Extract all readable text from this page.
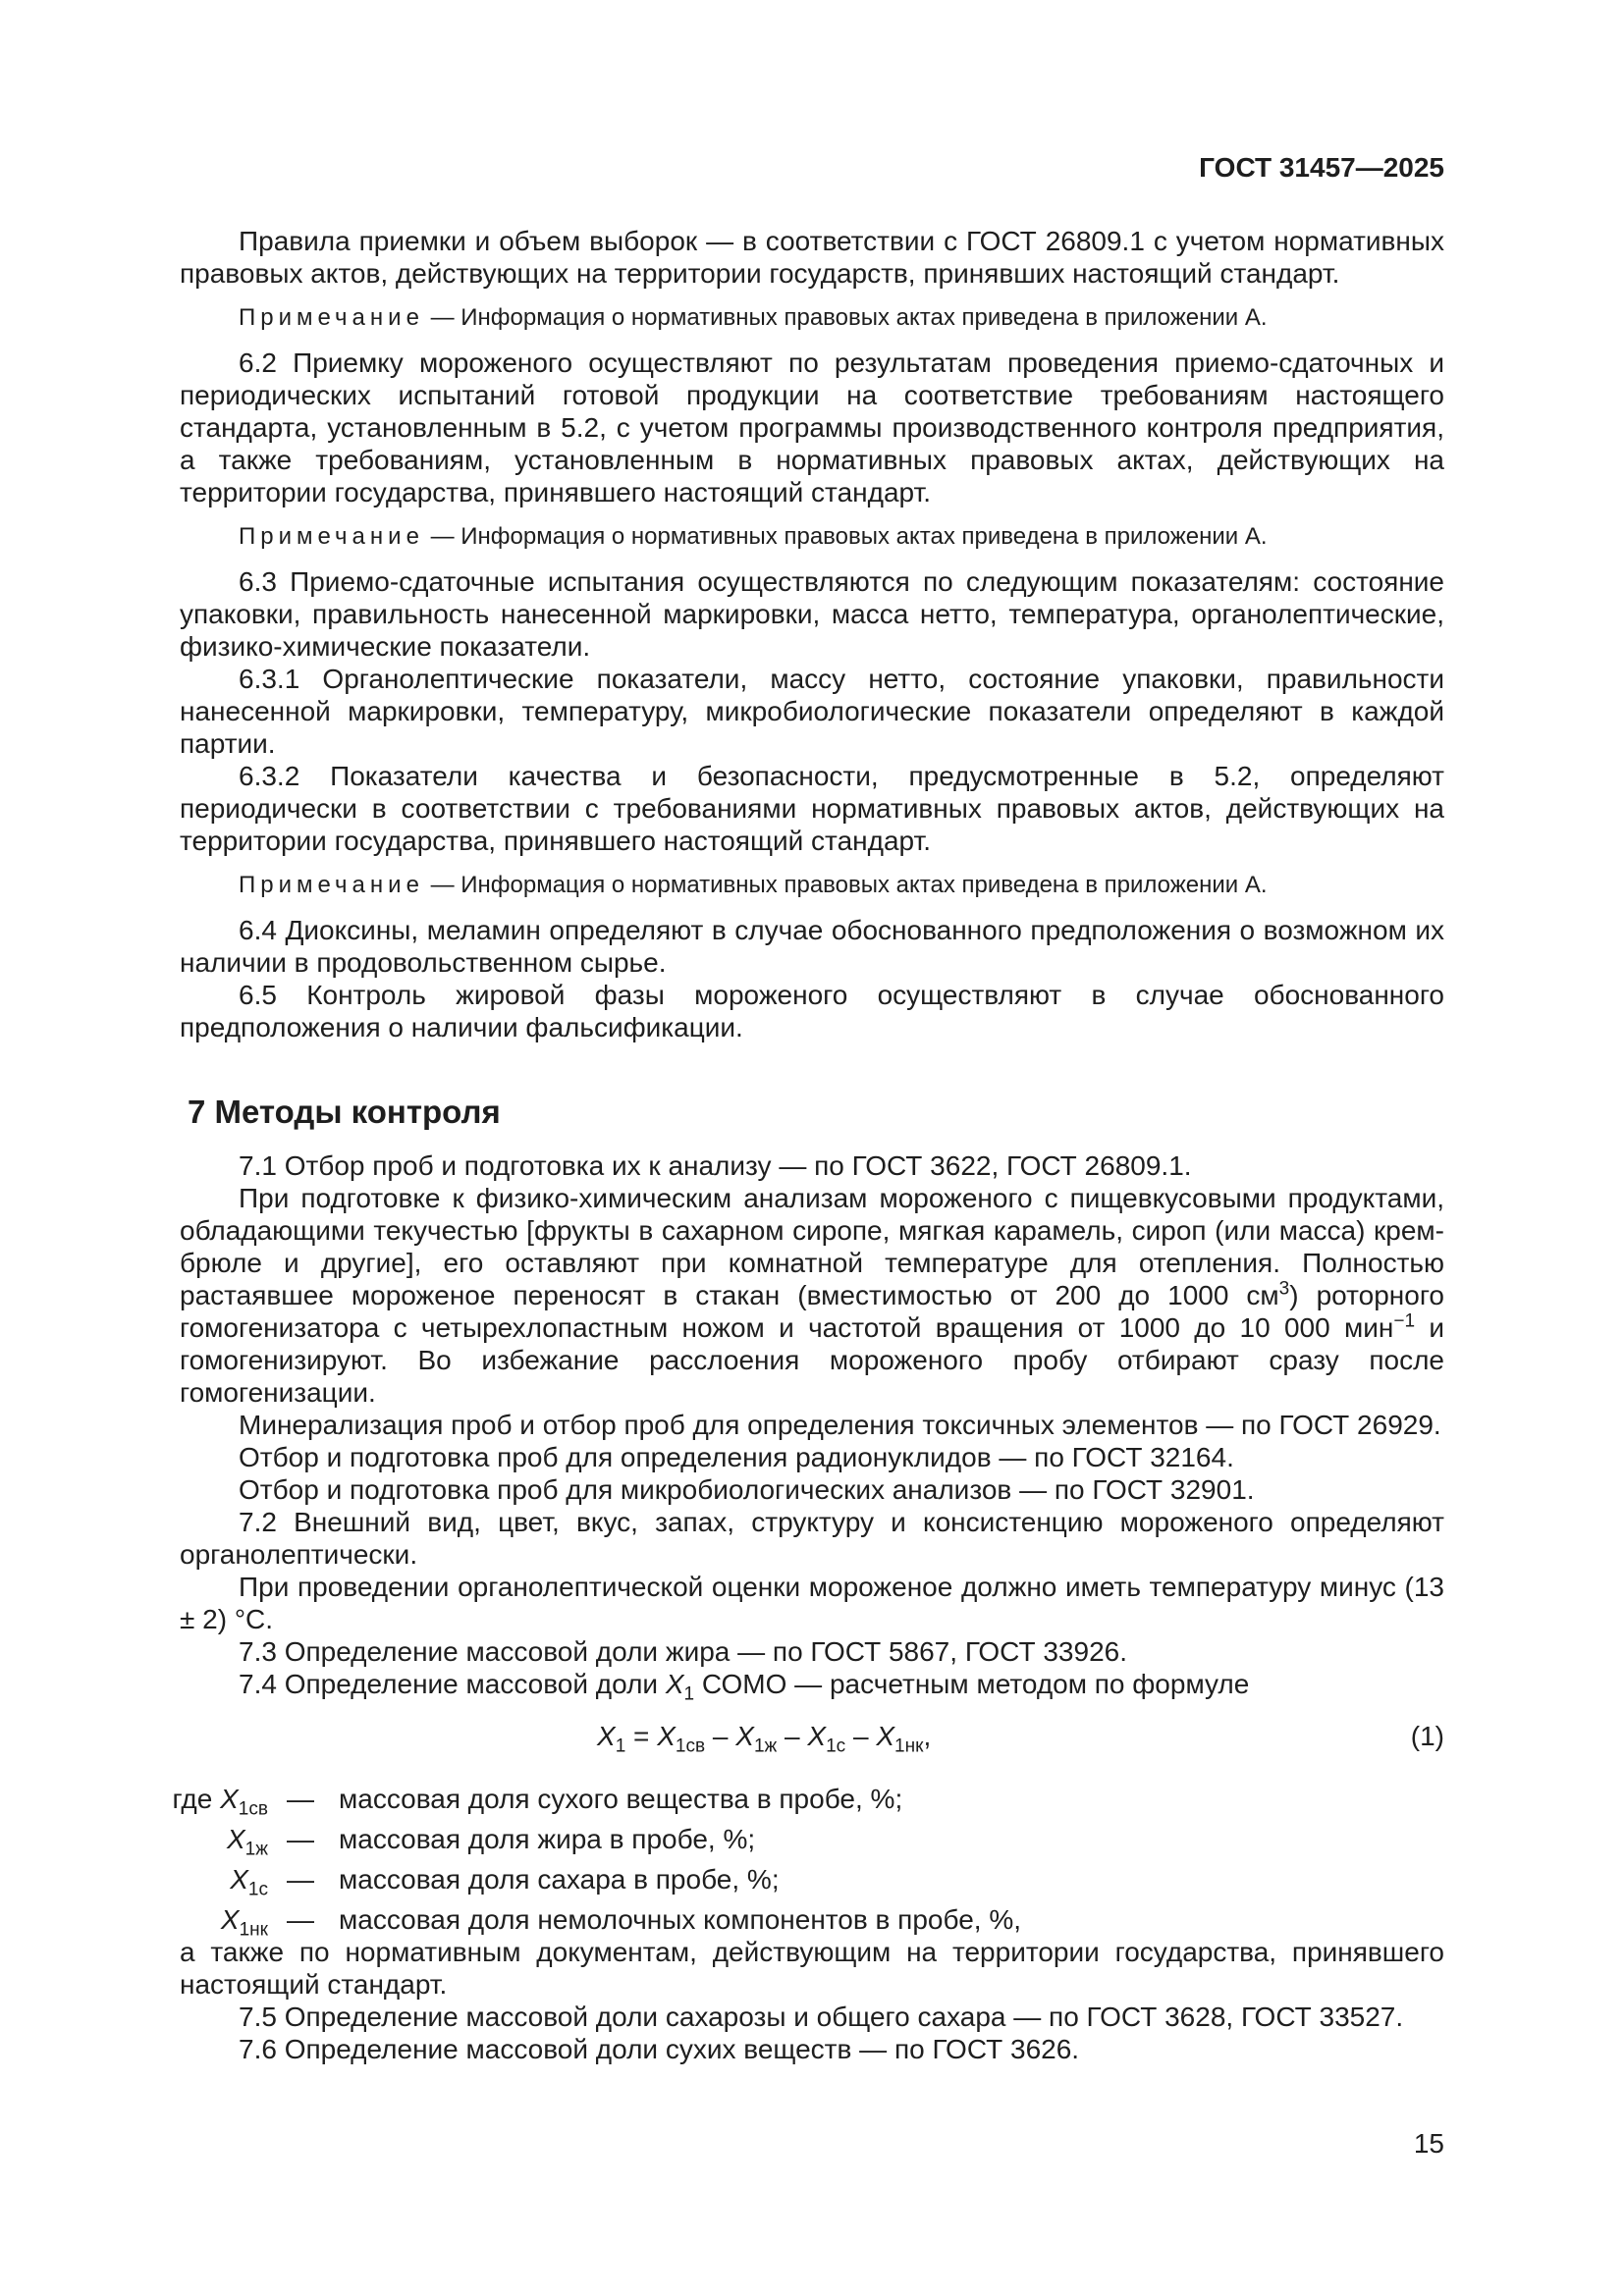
ГОСТ 31457—2025

Правила приемки и объем выборок — в соответствии с ГОСТ 26809.1 с учетом нормативных правовых актов, действующих на территории государств, принявших настоящий стандарт.

Примечание — Информация о нормативных правовых актах приведена в приложении А.

6.2 Приемку мороженого осуществляют по результатам проведения приемо-сдаточных и периодических испытаний готовой продукции на соответствие требованиям настоящего стандарта, установленным в 5.2, с учетом программы производственного контроля предприятия, а также требованиям, установленным в нормативных правовых актах, действующих на территории государства, принявшего настоящий стандарт.

Примечание — Информация о нормативных правовых актах приведена в приложении А.

6.3 Приемо-сдаточные испытания осуществляются по следующим показателям: состояние упаковки, правильность нанесенной маркировки, масса нетто, температура, органолептические, физико-химические показатели.

6.3.1 Органолептические показатели, массу нетто, состояние упаковки, правильности нанесенной маркировки, температуру, микробиологические показатели определяют в каждой партии.

6.3.2 Показатели качества и безопасности, предусмотренные в 5.2, определяют периодически в соответствии с требованиями нормативных правовых актов, действующих на территории государства, принявшего настоящий стандарт.

Примечание — Информация о нормативных правовых актах приведена в приложении А.

6.4 Диоксины, меламин определяют в случае обоснованного предположения о возможном их наличии в продовольственном сырье.

6.5 Контроль жировой фазы мороженого осуществляют в случае обоснованного предположения о наличии фальсификации.

7 Методы контроля

7.1 Отбор проб и подготовка их к анализу — по ГОСТ 3622, ГОСТ 26809.1.

При подготовке к физико-химическим анализам мороженого с пищевкусовыми продуктами, обладающими текучестью [фрукты в сахарном сиропе, мягкая карамель, сироп (или масса) крем-брюле и другие], его оставляют при комнатной температуре для отепления. Полностью растаявшее мороженое переносят в стакан (вместимостью от 200 до 1000 $см^3$) роторного гомогенизатора с четырехлопастным ножом и частотой вращения от 1000 до 10 000 мин$^{-1}$ и гомогенизируют. Во избежание расслоения мороженого пробу отбирают сразу после гомогенизации.

Минерализация проб и отбор проб для определения токсичных элементов — по ГОСТ 26929.

Отбор и подготовка проб для определения радионуклидов — по ГОСТ 32164.

Отбор и подготовка проб для микробиологических анализов — по ГОСТ 32901.

7.2 Внешний вид, цвет, вкус, запах, структуру и консистенцию мороженого определяют органолептически.

При проведении органолептической оценки мороженое должно иметь температуру минус (13 ± 2) °С.

7.3 Определение массовой доли жира — по ГОСТ 5867, ГОСТ 33926.

7.4 Определение массовой доли $X_1$ СОМО — расчетным методом по формуле

$X_1 = X_{1св} - X_{1ж} - X_{1с} - X_{1нк}$,	(1)
где $X_{1св}$ — массовая доля сухого вещества в пробе, %;
$X_{1ж}$ — массовая доля жира в пробе, %;
$X_{1с}$ — массовая доля сахара в пробе, %;
$X_{1нк}$ — массовая доля немолочных компонентов в пробе, %,

а также по нормативным документам, действующим на территории государства, принявшего настоящий стандарт.

7.5 Определение массовой доли сахарозы и общего сахара — по ГОСТ 3628, ГОСТ 33527.

7.6 Определение массовой доли сухих веществ — по ГОСТ 3626.

15
